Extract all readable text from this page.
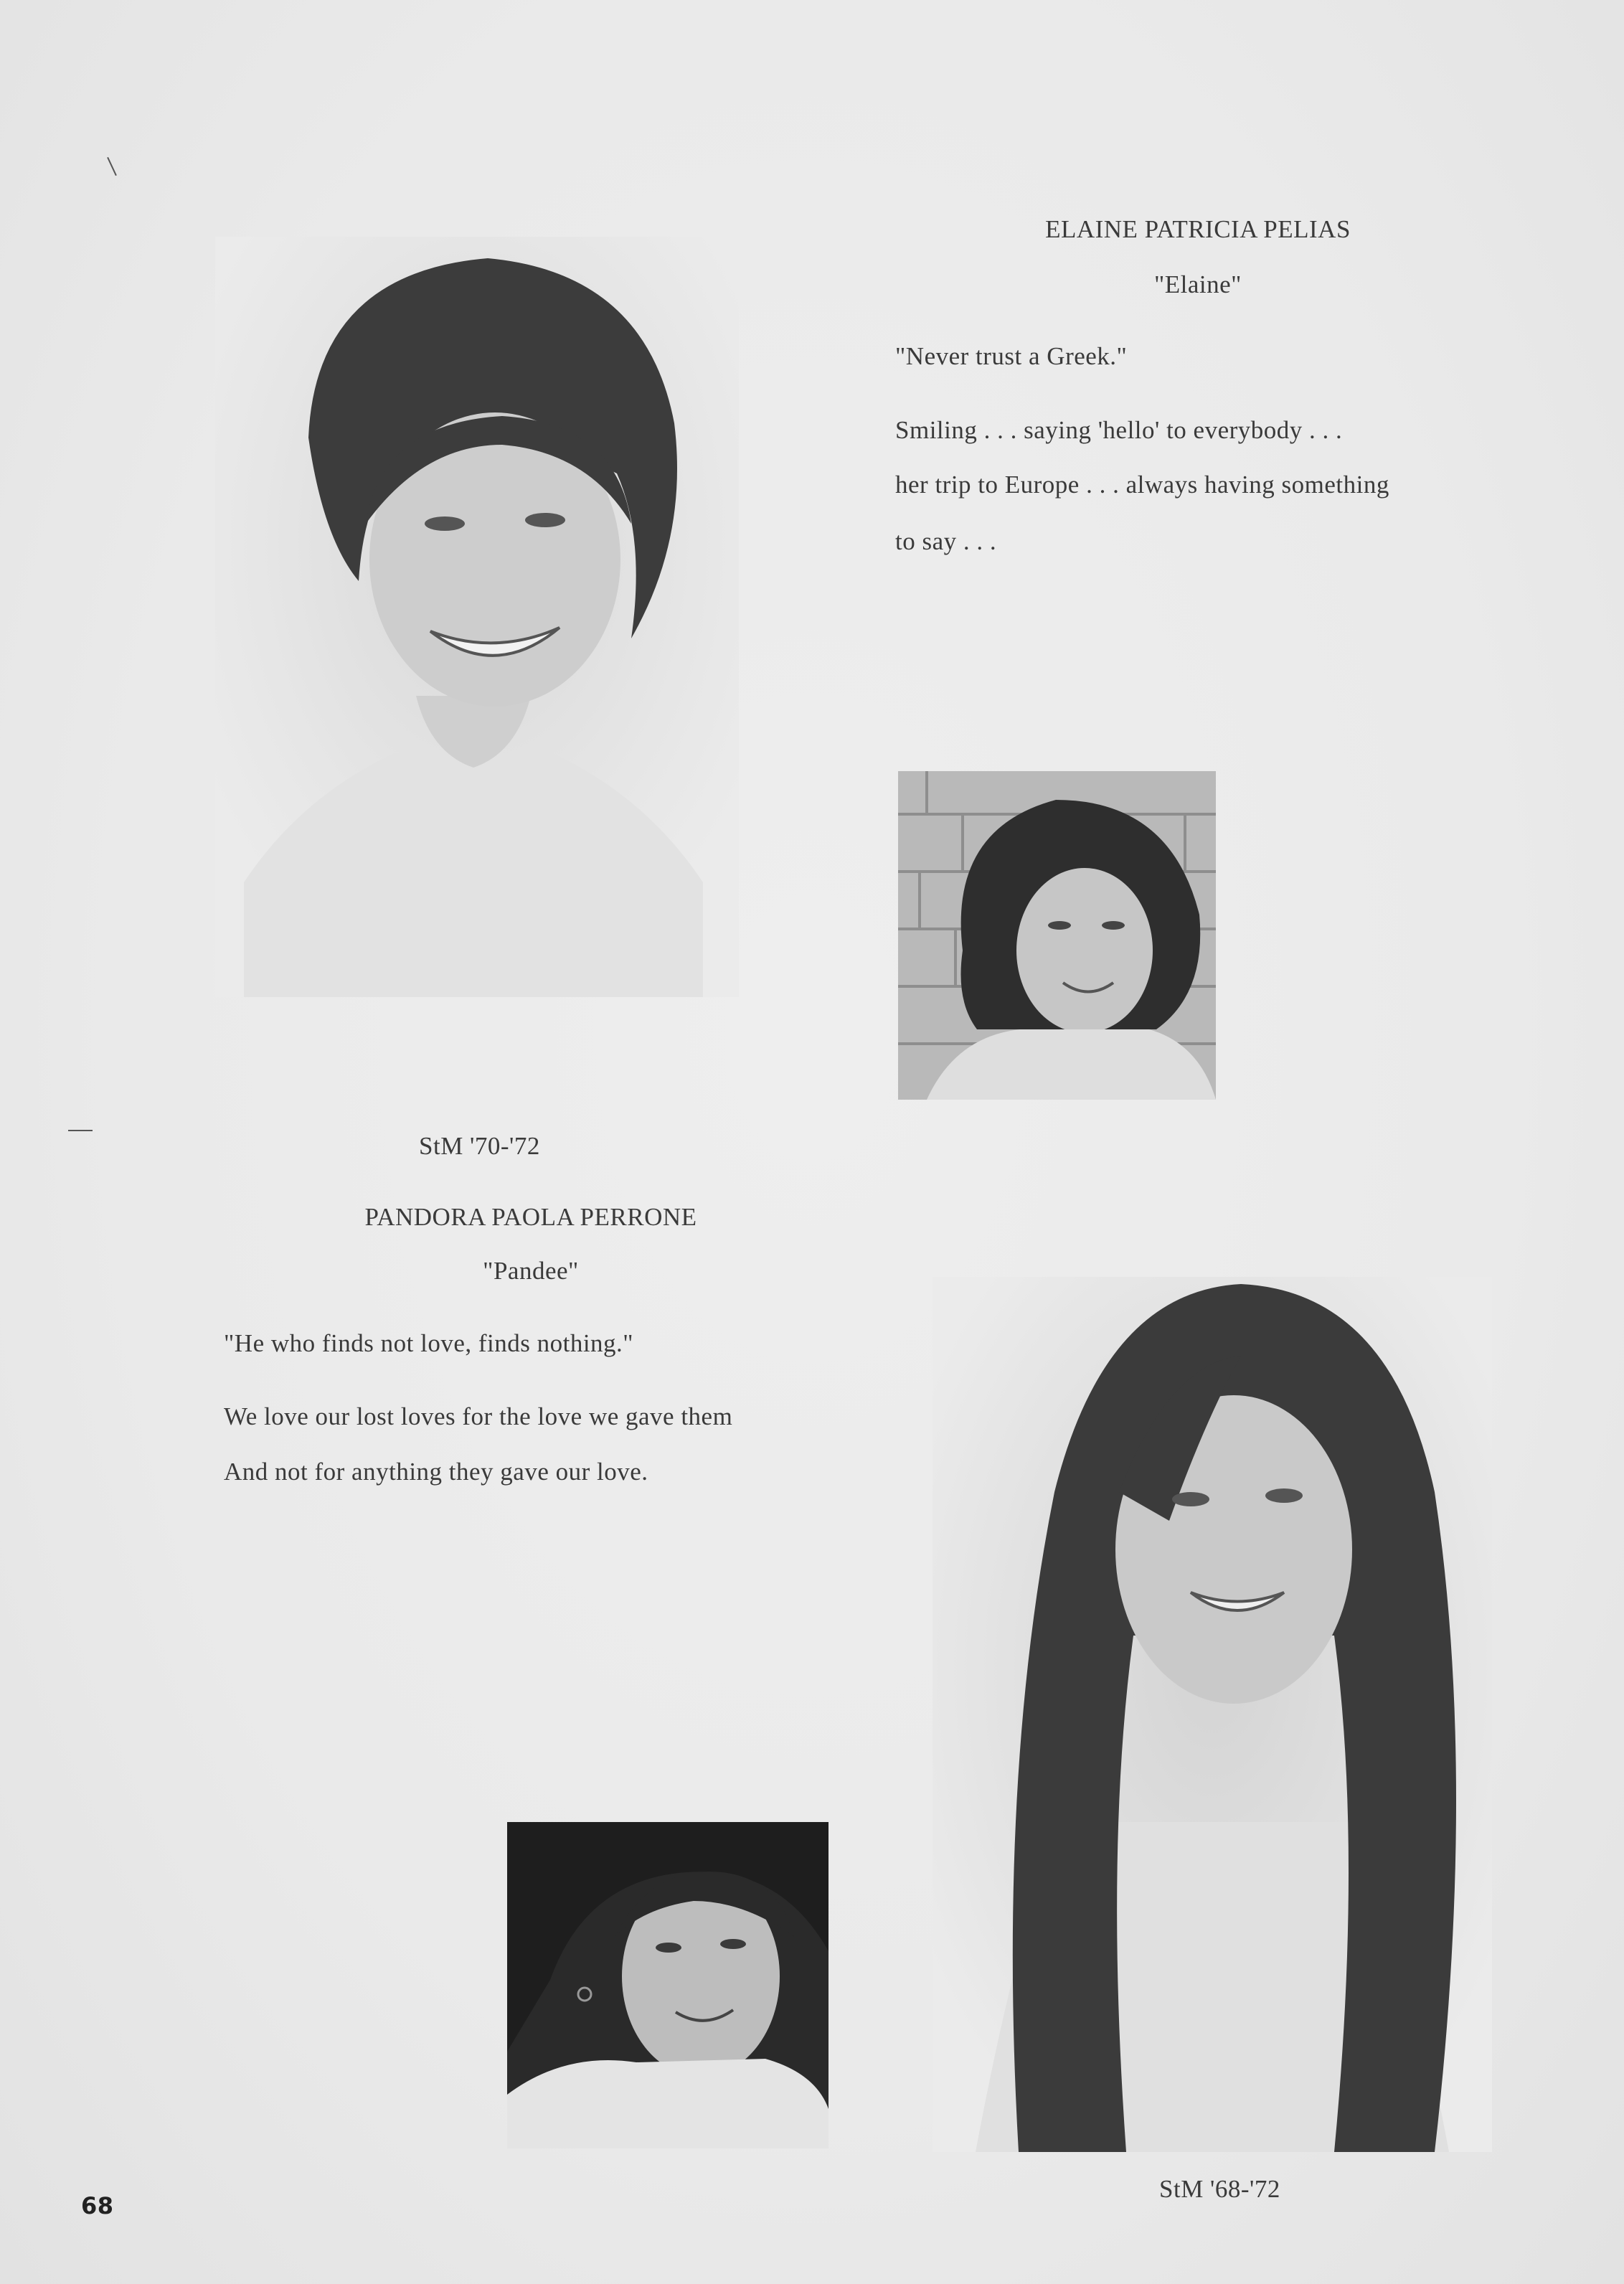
ELAINE PATRICIA PELIAS
"Elaine"
"Never trust a Greek."
Smiling . . . saying 'hello' to everybody . . .
her trip to Europe . . . always having something
to say . . .
StM '70-'72
PANDORA PAOLA PERRONE
"Pandee"
"He who finds not love, finds nothing."
We love our lost loves for the love we gave them
And not for anything they gave our love.
StM '68-'72
68
